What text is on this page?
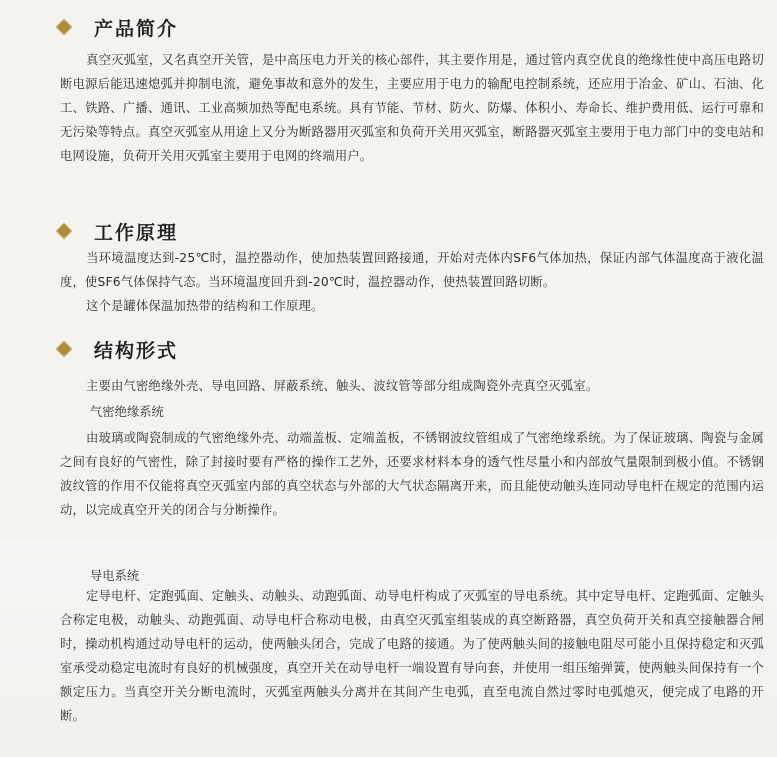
产品简介
真空灭弧室，又名真空开关管，是中高压电力开关的核心部件，其主要作用是，通过管内真空优良的绝缘性使中高压电路切断电源后能迅速熄弧并抑制电流，避免事故和意外的发生，主要应用于电力的输配电控制系统，还应用于冶金、矿山、石油、化工、铁路、广播、通讯、工业高频加热等配电系统。具有节能、节材、防火、防爆、体积小、寿命长、维护费用低、运行可靠和无污染等特点。真空灭弧室从用途上又分为断路器用灭弧室和负荷开关用灭弧室，断路器灭弧室主要用于电力部门中的变电站和电网设施，负荷开关用灭弧室主要用于电网的终端用户。
工作原理
当环境温度达到-25℃时，温控器动作，使加热装置回路接通，开始对壳体内SF6气体加热，保证内部气体温度高于液化温度，使SF6气体保持气态。当环境温度回升到-20℃时，温控器动作，使热装置回路切断。
这个是罐体保温加热带的结构和工作原理。
结构形式
主要由气密绝缘外壳、导电回路、屏蔽系统、触头、波纹管等部分组成陶瓷外壳真空灭弧室。
气密绝缘系统
由玻璃或陶瓷制成的气密绝缘外壳、动端盖板、定端盖板，不锈钢波纹管组成了气密绝缘系统。为了保证玻璃、陶瓷与金属之间有良好的气密性，除了封接时要有严格的操作工艺外，还要求材料本身的透气性尽量小和内部放气量限制到极小值。不锈钢波纹管的作用不仅能将真空灭弧室内部的真空状态与外部的大气状态隔离开来，而且能使动触头连同动导电杆在规定的范围内运动，以完成真空开关的闭合与分断操作。
导电系统
定导电杆、定跑弧面、定触头、动触头、动跑弧面、动导电杆构成了灭弧室的导电系统。其中定导电杆、定跑弧面、定触头合称定电极，动触头、动跑弧面、动导电杆合称动电极，由真空灭弧室组装成的真空断路器，真空负荷开关和真空接触器合闸时，操动机构通过动导电杆的运动，使两触头闭合，完成了电路的接通。为了使两触头间的接触电阻尽可能小且保持稳定和灭弧室承受动稳定电流时有良好的机械强度，真空开关在动导电杆一端设置有导向套，并使用一组压缩弹簧，使两触头间保持有一个额定压力。当真空开关分断电流时，灭弧室两触头分离并在其间产生电弧，直至电流自然过零时电弧熄灭，便完成了电路的开断。
